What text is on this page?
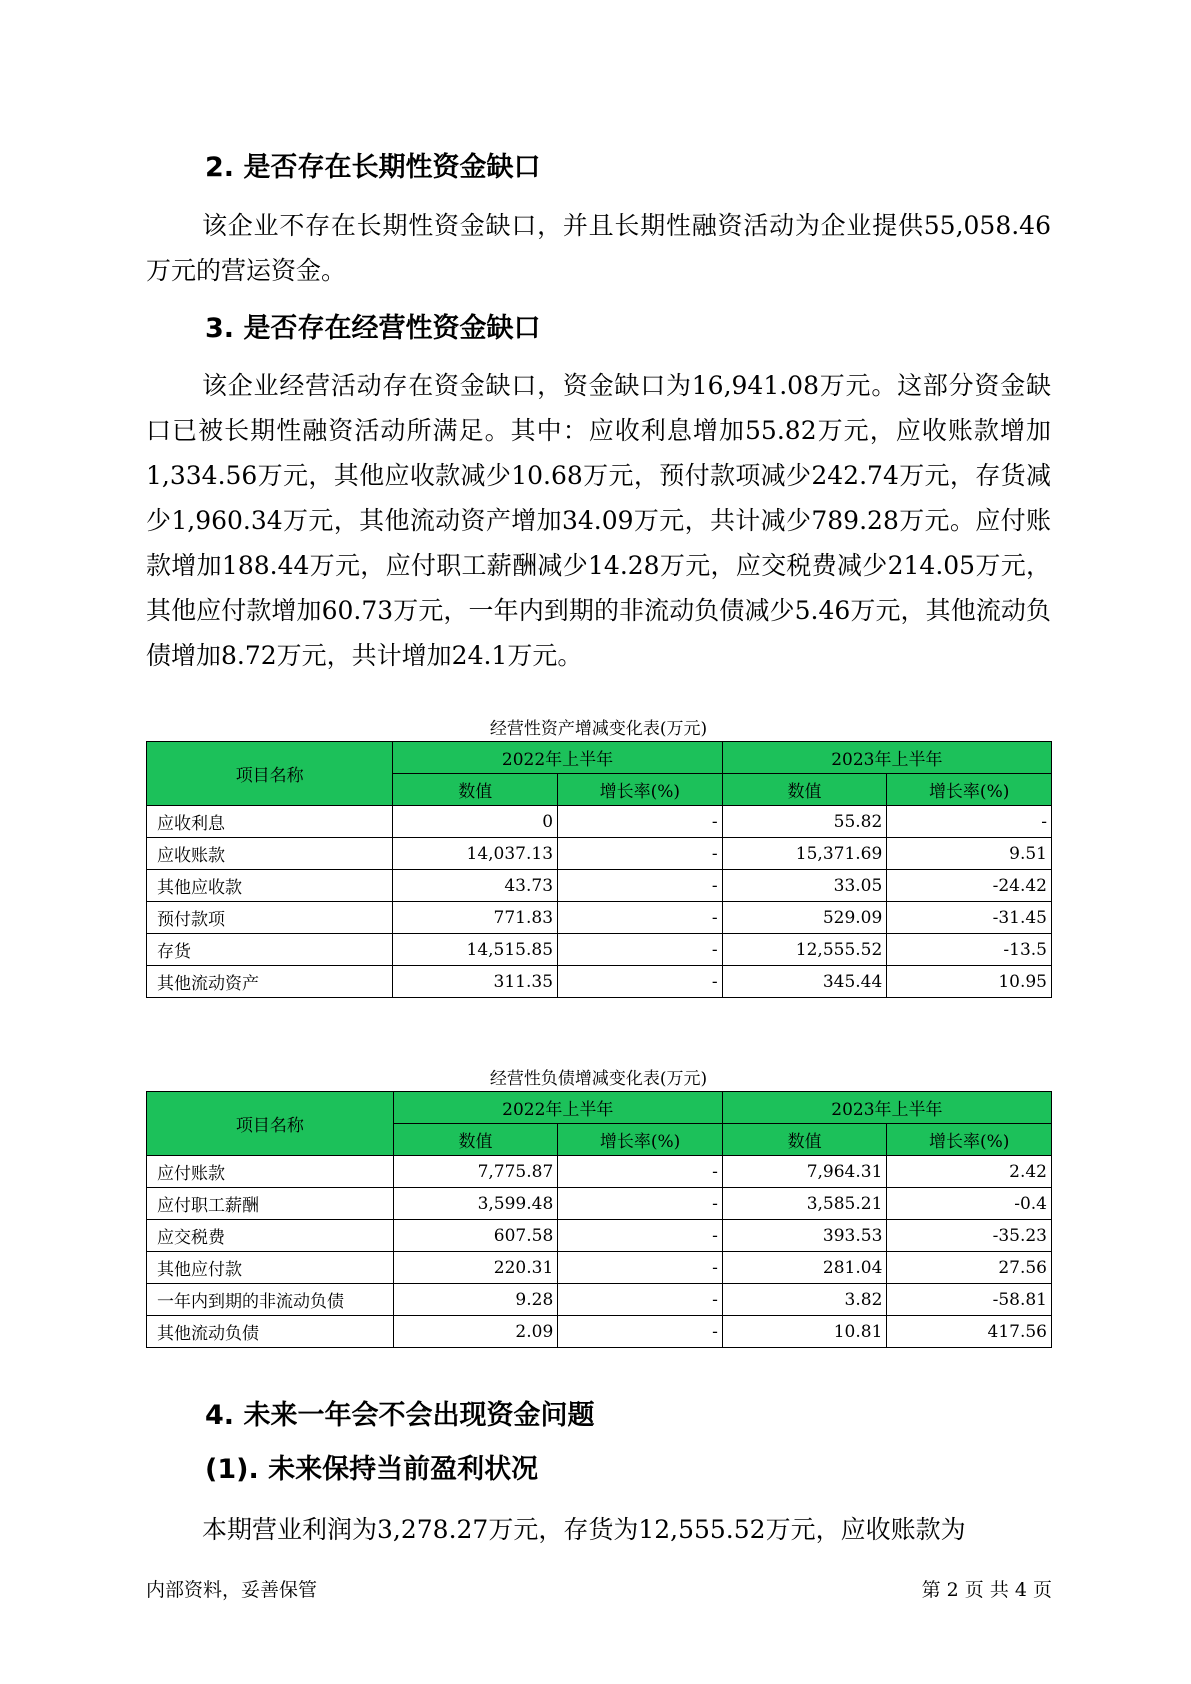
2. 是否存在长期性资金缺口

该企业不存在长期性资金缺口，并且长期性融资活动为企业提供55,058.46万元的营运资金。

3. 是否存在经营性资金缺口

该企业经营活动存在资金缺口，资金缺口为16,941.08万元。这部分资金缺口已被长期性融资活动所满足。其中：应收利息增加55.82万元，应收账款增加1,334.56万元，其他应收款减少10.68万元，预付款项减少242.74万元，存货减少1,960.34万元，其他流动资产增加34.09万元，共计减少789.28万元。应付账款增加188.44万元，应付职工薪酬减少14.28万元，应交税费减少214.05万元，其他应付款增加60.73万元，一年内到期的非流动负债减少5.46万元，其他流动负债增加8.72万元，共计增加24.1万元。

经营性资产增减变化表(万元)
项目名称	2022年上半年		2023年上半年	
	数值	增长率(%)	数值	增长率(%)
应收利息	0	-	55.82	-
应收账款	14,037.13	-	15,371.69	9.51
其他应收款	43.73	-	33.05	-24.42
预付款项	771.83	-	529.09	-31.45
存货	14,515.85	-	12,555.52	-13.5
其他流动资产	311.35	-	345.44	10.95
经营性负债增减变化表(万元)
项目名称	2022年上半年		2023年上半年	
	数值	增长率(%)	数值	增长率(%)
应付账款	7,775.87	-	7,964.31	2.42
应付职工薪酬	3,599.48	-	3,585.21	-0.4
应交税费	607.58	-	393.53	-35.23
其他应付款	220.31	-	281.04	27.56
一年内到期的非流动负债	9.28	-	3.82	-58.81
其他流动负债	2.09	-	10.81	417.56
4. 未来一年会不会出现资金问题
(1). 未来保持当前盈利状况

本期营业利润为3,278.27万元，存货为12,555.52万元，应收账款为

内部资料，妥善保管	第 2 页 共 4 页
